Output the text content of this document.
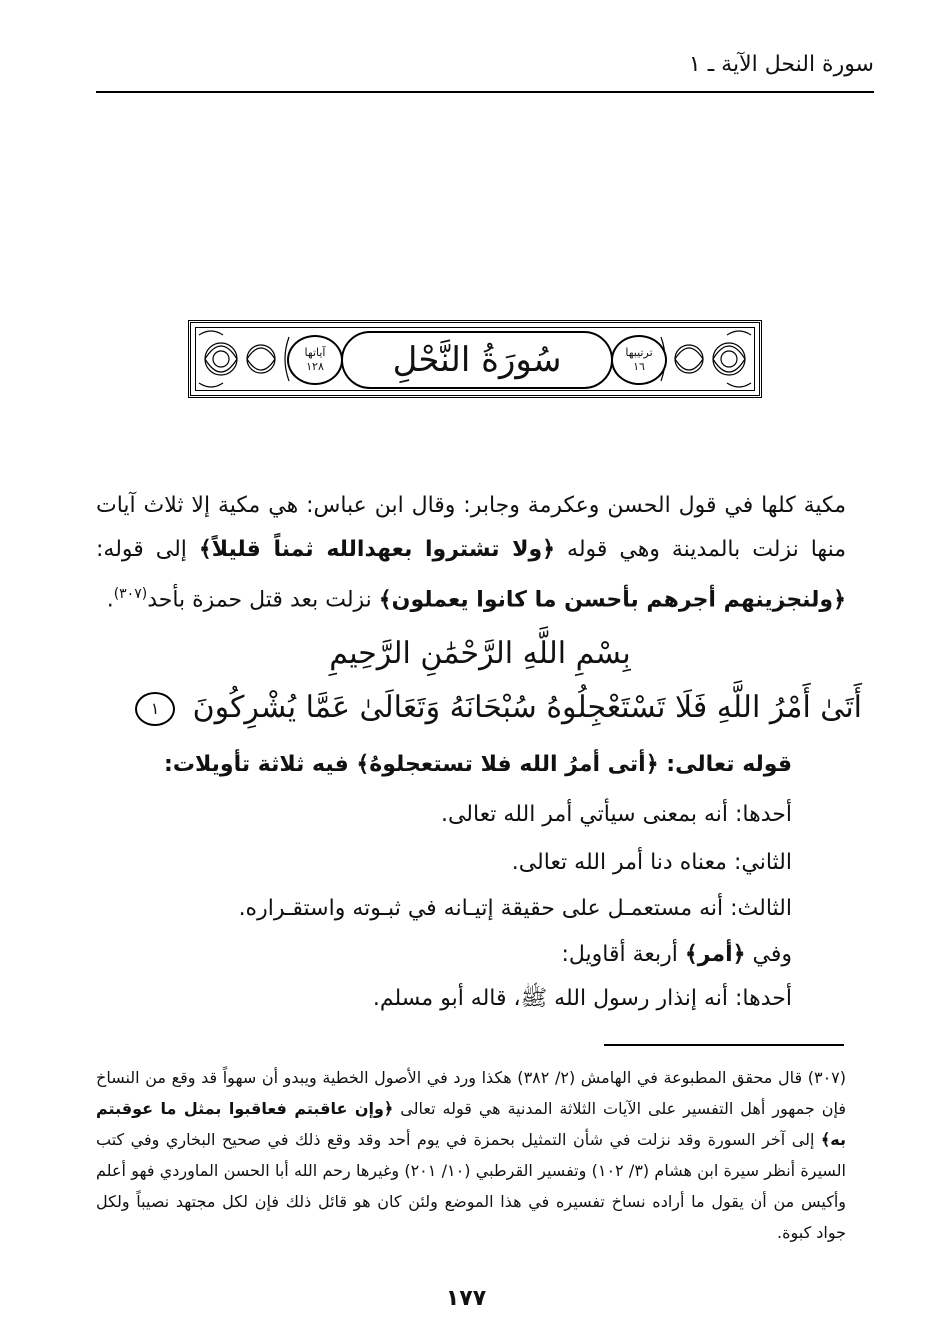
سورة النحل الآية ـ ١
آياتها
١٢٨	سُورَةُ النَّحْلِ	ترتيبها
١٦
مكية كلها في قول الحسن وعكرمة وجابر: وقال ابن عباس: هي مكية إلا ثلاث آيات منها نزلت بالمدينة وهي قوله ﴿ولا تشتروا بعهدالله ثمناً قليلاً﴾ إلى قوله: ﴿ولنجزينهم أجرهم بأحسن ما كانوا يعملون﴾ نزلت بعد قتل حمزة بأحد$^{(٣٠٧)}$.
بِسْمِ اللَّهِ الرَّحْمَٰنِ الرَّحِيمِ
أَتَىٰ أَمْرُ اللَّهِ فَلَا تَسْتَعْجِلُوهُ سُبْحَانَهُ وَتَعَالَىٰ عَمَّا يُشْرِكُونَ ١
قوله تعالى: ﴿أتى أمرُ الله فلا تستعجلوهُ﴾ فيه ثلاثة تأويلات:
أحدها: أنه بمعنى سيأتي أمر الله تعالى.
الثاني: معناه دنا أمر الله تعالى.
الثالث: أنه مستعمـل على حقيقة إتيـانه في ثبـوته واستقـراره.
وفي ﴿أمر﴾ أربعة أقاويل:
أحدها: أنه إنذار رسول الله ﷺ، قاله أبو مسلم.
(٣٠٧) قال محقق المطبوعة في الهامش (٢/ ٣٨٢) هكذا ورد في الأصول الخطية ويبدو أن سهواً قد وقع من النساخ فإن جمهور أهل التفسير على الآيات الثلاثة المدنية هي قوله تعالى ﴿وإن عاقبتم فعاقبوا بمثل ما عوقبتم به﴾ إلى آخر السورة وقد نزلت في شأن التمثيل بحمزة في يوم أحد وقد وقع ذلك في صحيح البخاري وفي كتب السيرة أنظر سيرة ابن هشام (٣/ ١٠٢) وتفسير القرطبي (١٠/ ٢٠١) وغيرها رحم الله أبا الحسن الماوردي فهو أعلم وأكيس من أن يقول ما أراده نساخ تفسيره في هذا الموضع ولئن كان هو قائل ذلك فإن لكل مجتهد نصيباً ولكل جواد كبوة.
١٧٧
